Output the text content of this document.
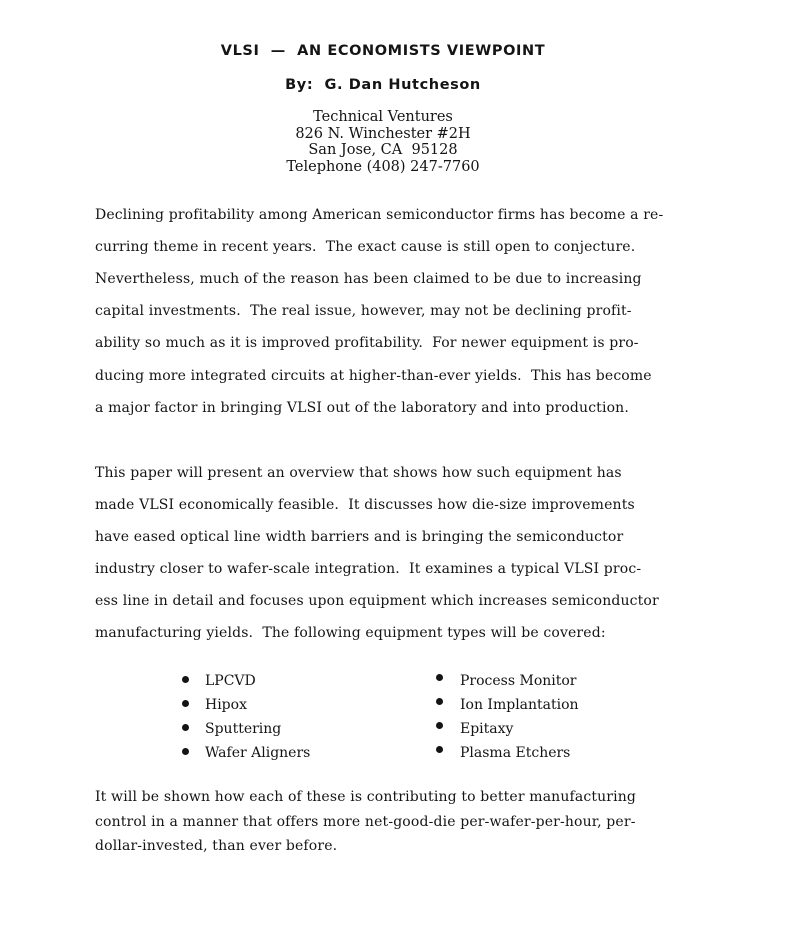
VLSI  —  AN ECONOMISTS VIEWPOINT
By:  G. Dan Hutcheson
Technical Ventures
826 N. Winchester #2H
San Jose, CA  95128
Telephone (408) 247-7760
Declining profitability among American semiconductor firms has become a re-
curring theme in recent years.  The exact cause is still open to conjecture.
Nevertheless, much of the reason has been claimed to be due to increasing
capital investments.  The real issue, however, may not be declining profit-
ability so much as it is improved profitability.  For newer equipment is pro-
ducing more integrated circuits at higher-than-ever yields.  This has become
a major factor in bringing VLSI out of the laboratory and into production.
This paper will present an overview that shows how such equipment has
made VLSI economically feasible.  It discusses how die-size improvements
have eased optical line width barriers and is bringing the semiconductor
industry closer to wafer-scale integration.  It examines a typical VLSI proc-
ess line in detail and focuses upon equipment which increases semiconductor
manufacturing yields.  The following equipment types will be covered:

LPCVD

Hipox

Sputtering

Wafer Aligners

Process Monitor

Ion Implantation

Epitaxy

Plasma Etchers

It will be shown how each of these is contributing to better manufacturing
control in a manner that offers more net-good-die per-wafer-per-hour, per-
dollar-invested, than ever before.
